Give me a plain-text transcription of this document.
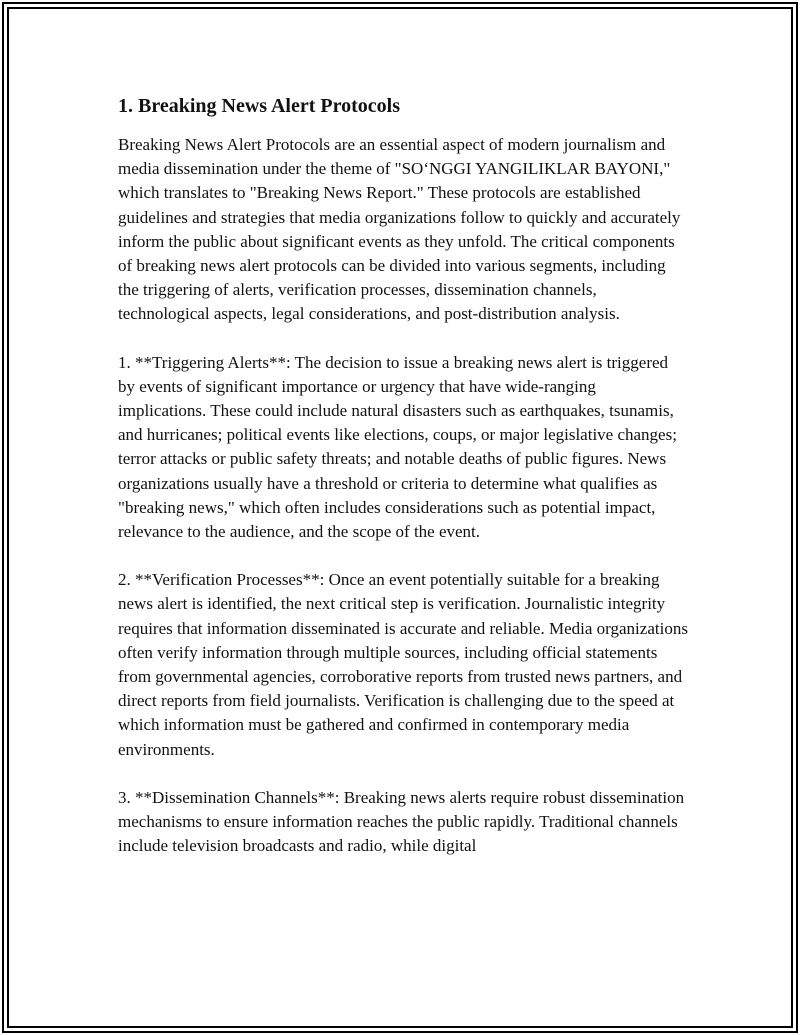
1. Breaking News Alert Protocols

Breaking News Alert Protocols are an essential aspect of modern journalism and media dissemination under the theme of "SO‘NGGI YANGILIKLAR BAYONI," which translates to "Breaking News Report." These protocols are established guidelines and strategies that media organizations follow to quickly and accurately inform the public about significant events as they unfold. The critical components of breaking news alert protocols can be divided into various segments, including the triggering of alerts, verification processes, dissemination channels, technological aspects, legal considerations, and post-distribution analysis.

1. **Triggering Alerts**: The decision to issue a breaking news alert is triggered by events of significant importance or urgency that have wide-ranging implications. These could include natural disasters such as earthquakes, tsunamis, and hurricanes; political events like elections, coups, or major legislative changes; terror attacks or public safety threats; and notable deaths of public figures. News organizations usually have a threshold or criteria to determine what qualifies as "breaking news," which often includes considerations such as potential impact, relevance to the audience, and the scope of the event.

2. **Verification Processes**: Once an event potentially suitable for a breaking news alert is identified, the next critical step is verification. Journalistic integrity requires that information disseminated is accurate and reliable. Media organizations often verify information through multiple sources, including official statements from governmental agencies, corroborative reports from trusted news partners, and direct reports from field journalists. Verification is challenging due to the speed at which information must be gathered and confirmed in contemporary media environments.

3. **Dissemination Channels**: Breaking news alerts require robust dissemination mechanisms to ensure information reaches the public rapidly. Traditional channels include television broadcasts and radio, while digital
